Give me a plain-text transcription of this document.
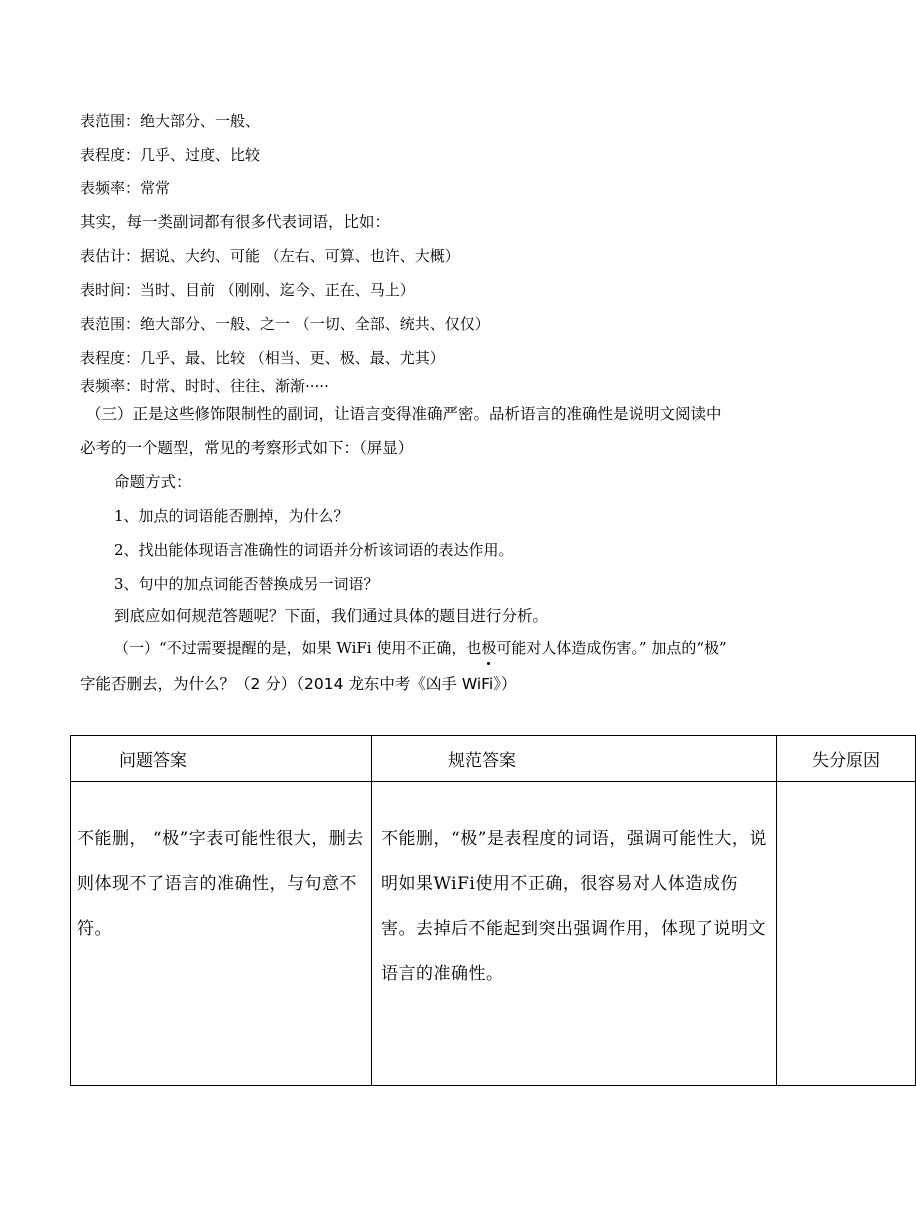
表范围：绝大部分、一般、
表程度：几乎、过度、比较
表频率：常常
其实，每一类副词都有很多代表词语，比如：
表估计：据说、大约、可能 （左右、可算、也许、大概）
表时间：当时、目前 （刚刚、迄今、正在、马上）
表范围：绝大部分、一般、之一 （一切、全部、统共、仅仅）
表程度：几乎、最、比较 （相当、更、极、最、尤其）
表频率：时常、时时、往往、渐渐·····
（三）正是这些修饰限制性的副词，让语言变得准确严密。品析语言的准确性是说明文阅读中
必考的一个题型，常见的考察形式如下：（屏显）
命题方式：
1、加点的词语能否删掉，为什么？
2、找出能体现语言准确性的词语并分析该词语的表达作用。
3、句中的加点词能否替换成另一词语？
到底应如何规范答题呢？下面，我们通过具体的题目进行分析。
（一）“不过需要提醒的是，如果 WiFi 使用不正确，也极可能对人体造成伤害。” 加点的“极”
字能否删去，为什么？（2 分）（2014 龙东中考《凶手 WiFi》）
问题答案	规范答案	失分原因

不能删， “极”字表可能性很大，删去则体现不了语言的准确性，与句意不符。	不能删，“极”是表程度的词语，强调可能性大，说明如果WiFi使用不正确，很容易对人体造成伤害。去掉后不能起到突出强调作用，体现了说明文语言的准确性。	
